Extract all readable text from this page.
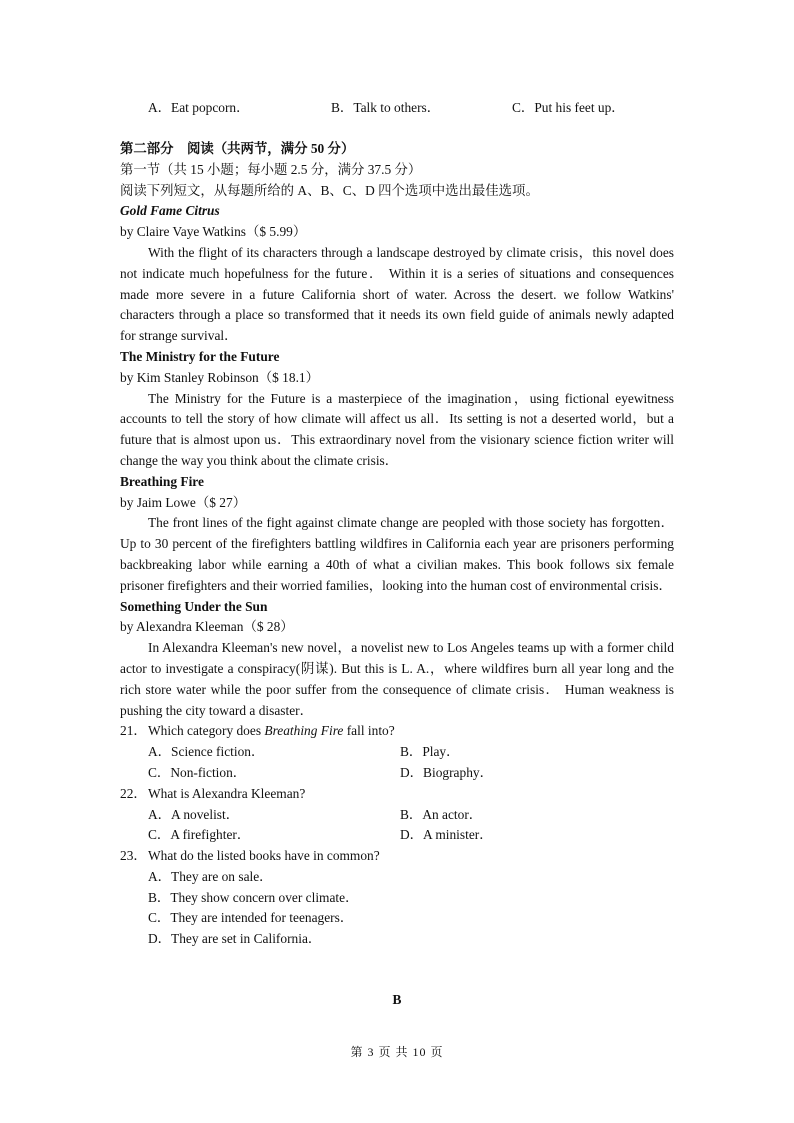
A．Eat popcorn．	B．Talk to others．	C．Put his feet up．
第二部分　阅读（共两节，满分 50 分）
第一节（共 15 小题；每小题 2.5 分，满分 37.5 分）
阅读下列短文，从每题所给的 A、B、C、D 四个选项中选出最佳选项。
Gold Fame Citrus
by Claire Vaye Watkins（$ 5.99）
With the flight of its characters through a landscape destroyed by climate crisis，this novel does not indicate much hopefulness for the future． Within it is a series of situations and consequences made more severe in a future California short of water. Across the desert. we follow Watkins' characters through a place so transformed that it needs its own field guide of animals newly adapted for strange survival．
The Ministry for the Future
by Kim Stanley Robinson（$ 18.1）
The Ministry for the Future is a masterpiece of the imagination，using fictional eyewitness accounts to tell the story of how climate will affect us all．Its setting is not a deserted world，but a future that is almost upon us．This extraordinary novel from the visionary science fiction writer will change the way you think about the climate crisis．
Breathing Fire
by Jaim Lowe（$ 27）
The front lines of the fight against climate change are peopled with those society has forgotten． Up to 30 percent of the firefighters battling wildfires in California each year are prisoners performing backbreaking labor while earning a 40th of what a civilian makes. This book follows six female prisoner firefighters and their worried families，looking into the human cost of environmental crisis．
Something Under the Sun
by Alexandra Kleeman（$ 28）
In Alexandra Kleeman's new novel，a novelist new to Los Angeles teams up with a former child actor to investigate a conspiracy(阴谋). But this is L. A.，where wildfires burn all year long and the rich store water while the poor suffer from the consequence of climate crisis． Human weakness is pushing the city toward a disaster．
21． Which category does Breathing Fire fall into?
A．Science fiction．	B．Play．
C．Non-fiction．	D．Biography．
22． What is Alexandra Kleeman?
A．A novelist．	B．An actor．
C．A firefighter．	D．A minister．
23． What do the listed books have in common?
A．They are on sale．
B．They show concern over climate．
C．They are intended for teenagers．
D．They are set in California．
B
第 3 页 共 10 页
